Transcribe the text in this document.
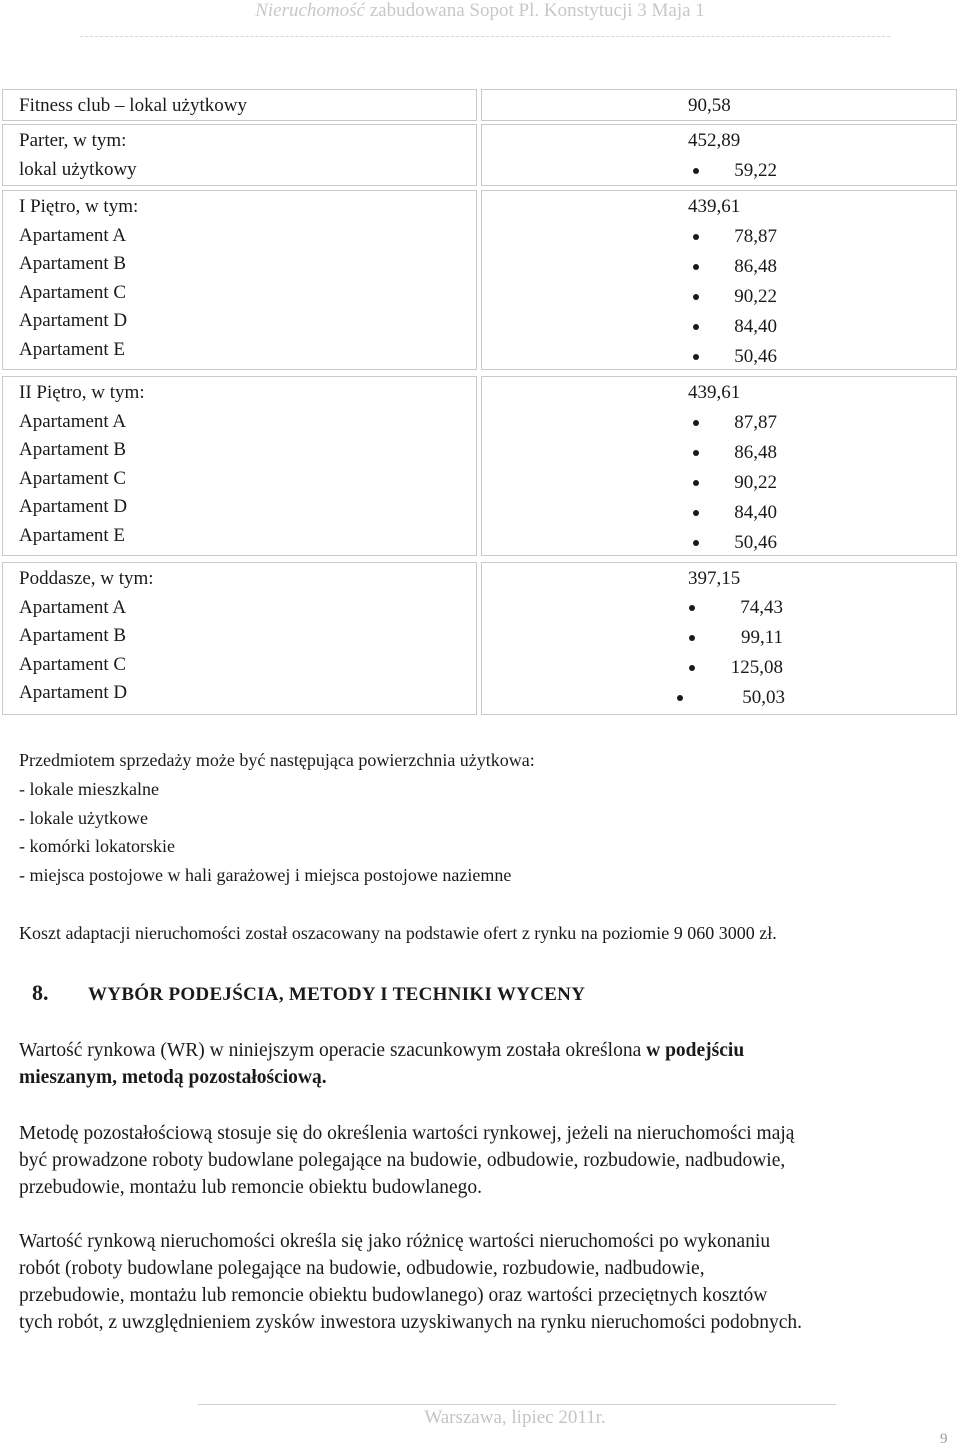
Nieruchomość zabudowana Sopot Pl. Konstytucji 3 Maja 1
Fitness club – lokal użytkowy	90,58
Parter, w tym:
lokal użytkowy
452,89
59,22
I Piętro, w tym:
Apartament A
Apartament B
Apartament C
Apartament D
Apartament E
439,61
78,87
86,48
90,22
84,40
50,46
II Piętro, w tym:
Apartament A
Apartament B
Apartament C
Apartament D
Apartament E
439,61
87,87
86,48
90,22
84,40
50,46
Poddasze, w tym:
Apartament A
Apartament B
Apartament C
Apartament D
397,15
74,43
99,11
125,08
50,03
Przedmiotem sprzedaży może być następująca powierzchnia użytkowa:
- lokale mieszkalne
- lokale użytkowe
- komórki lokatorskie
- miejsca postojowe w hali garażowej i miejsca postojowe naziemne
Koszt adaptacji nieruchomości został oszacowany na podstawie ofert z rynku na poziomie 9 060 3000 zł.
8. WYBÓR PODEJŚCIA, METODY I TECHNIKI WYCENY
Wartość rynkowa (WR) w niniejszym operacie szacunkowym została określona w podejściu
mieszanym, metodą pozostałościową.
Metodę pozostałościową stosuje się do określenia wartości rynkowej, jeżeli na nieruchomości mają
być prowadzone roboty budowlane polegające na budowie, odbudowie, rozbudowie, nadbudowie,
przebudowie, montażu lub remoncie obiektu budowlanego.
Wartość rynkową nieruchomości określa się jako różnicę wartości nieruchomości po wykonaniu
robót (roboty budowlane polegające na budowie, odbudowie, rozbudowie, nadbudowie,
przebudowie, montażu lub remoncie obiektu budowlanego) oraz wartości przeciętnych kosztów
tych robót, z uwzględnieniem zysków inwestora uzyskiwanych na rynku nieruchomości podobnych.
Warszawa, lipiec 2011r.
9
